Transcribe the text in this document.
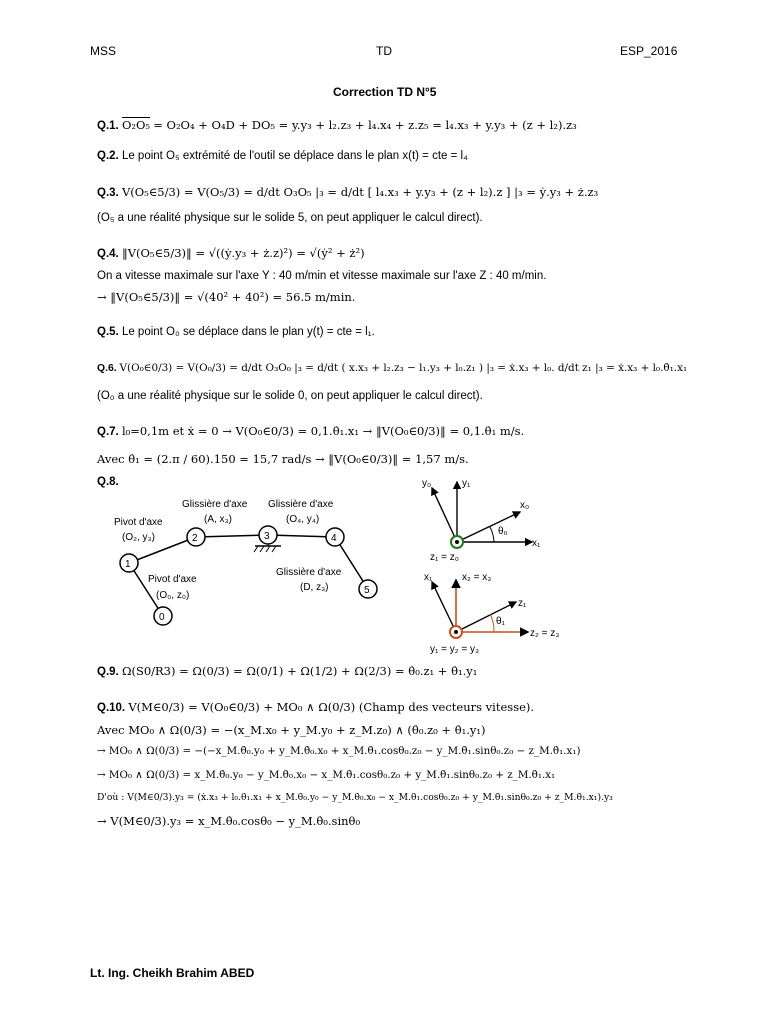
MSS	TD	ESP_2016
Correction TD N°5
Q.1. O₂O₅ = O₂O₄ + O₄D + DO₅ = y.y₃ + l₂.z₃ + l₄.x₄ + z.z₅ = l₄.x₃ + y.y₃ + (z + l₂).z₃
Q.2. Le point O₅ extrémité de l'outil se déplace dans le plan x(t) = cte = l₄
Q.3. V(O₅∈5/3) = V(O₅/3) = d/dt O₃O₅ |₃ = d/dt [ l₄.x₃ + y.y₃ + (z + l₂).z ] |₃ = ẏ.y₃ + ż.z₃
(O₅ a une réalité physique sur le solide 5, on peut appliquer le calcul direct).
Q.4. ‖V(O₅∈5/3)‖ = √((ẏ.y₃ + ż.z)²) = √(ẏ² + ż²)
On a vitesse maximale sur l'axe Y : 40 m/min et vitesse maximale sur l'axe Z : 40 m/min.
→ ‖V(O₅∈5/3)‖ = √(40² + 40²) = 56.5 m/min.
Q.5. Le point O₀ se déplace dans le plan y(t) = cte = l₁.
Q.6. V(O₀∈0/3) = V(O₀/3) = d/dt O₃O₀ |₃ = d/dt ( x.x₃ + l₂.z₃ − l₁.y₃ + l₀.z₁ ) |₃ = ẋ.x₃ + l₀. d/dt z₁ |₃ = ẋ.x₃ + l₀.θ̇₁.x₁
(O₀ a une réalité physique sur le solide 0, on peut appliquer le calcul direct).
Q.7. l₀=0,1m et ẋ = 0 → V(O₀∈0/3) = 0,1.θ̇₁.x₁ → ‖V(O₀∈0/3)‖ = 0,1.θ̇₁ m/s.
Avec θ̇₁ = (2.π / 60).150 = 15,7 rad/s → ‖V(O₀∈0/3)‖ = 1,57 m/s.
Q.8.
1
2	3	4
5
0
Pivot d'axe
(O₂, y₃)
Glissière d'axe
(A, x₃)
Glissière d'axe
(O₄, y₄)
Pivot d'axe
(O₀, z₀)
Glissière d'axe
(D, z₃)
y₀	y₁
x₀
x₁
θ₀
z₁ = z₀
x₁	x₂ = x₃
z₁
θ₁
z₂ = z₃
y₁ = y₂ = y₃
Q.9. Ω(S0/R3) = Ω(0/3) = Ω(0/1) + Ω(1/2) + Ω(2/3) = θ̇₀.z₁ + θ̇₁.y₁
Q.10. V(M∈0/3) = V(O₀∈0/3) + MO₀ ∧ Ω(0/3) (Champ des vecteurs vitesse).
Avec MO₀ ∧ Ω(0/3) = −(x_M.x₀ + y_M.y₀ + z_M.z₀) ∧ (θ̇₀.z₀ + θ̇₁.y₁)
→ MO₀ ∧ Ω(0/3) = −(−x_M.θ̇₀.y₀ + y_M.θ̇₀.x₀ + x_M.θ̇₁.cosθ₀.z₀ − y_M.θ̇₁.sinθ₀.z₀ − z_M.θ̇₁.x₁)
→ MO₀ ∧ Ω(0/3) = x_M.θ̇₀.y₀ − y_M.θ̇₀.x₀ − x_M.θ̇₁.cosθ₀.z₀ + y_M.θ̇₁.sinθ₀.z₀ + z_M.θ̇₁.x₁
D'où : V(M∈0/3).y₃ = (ẋ.x₃ + l₀.θ̇₁.x₁ + x_M.θ̇₀.y₀ − y_M.θ̇₀.x₀ − x_M.θ̇₁.cosθ₀.z₀ + y_M.θ̇₁.sinθ₀.z₀ + z_M.θ̇₁.x₁).y₃
→ V(M∈0/3).y₃ = x_M.θ̇₀.cosθ₀ − y_M.θ̇₀.sinθ₀
Lt. Ing. Cheikh Brahim ABED
